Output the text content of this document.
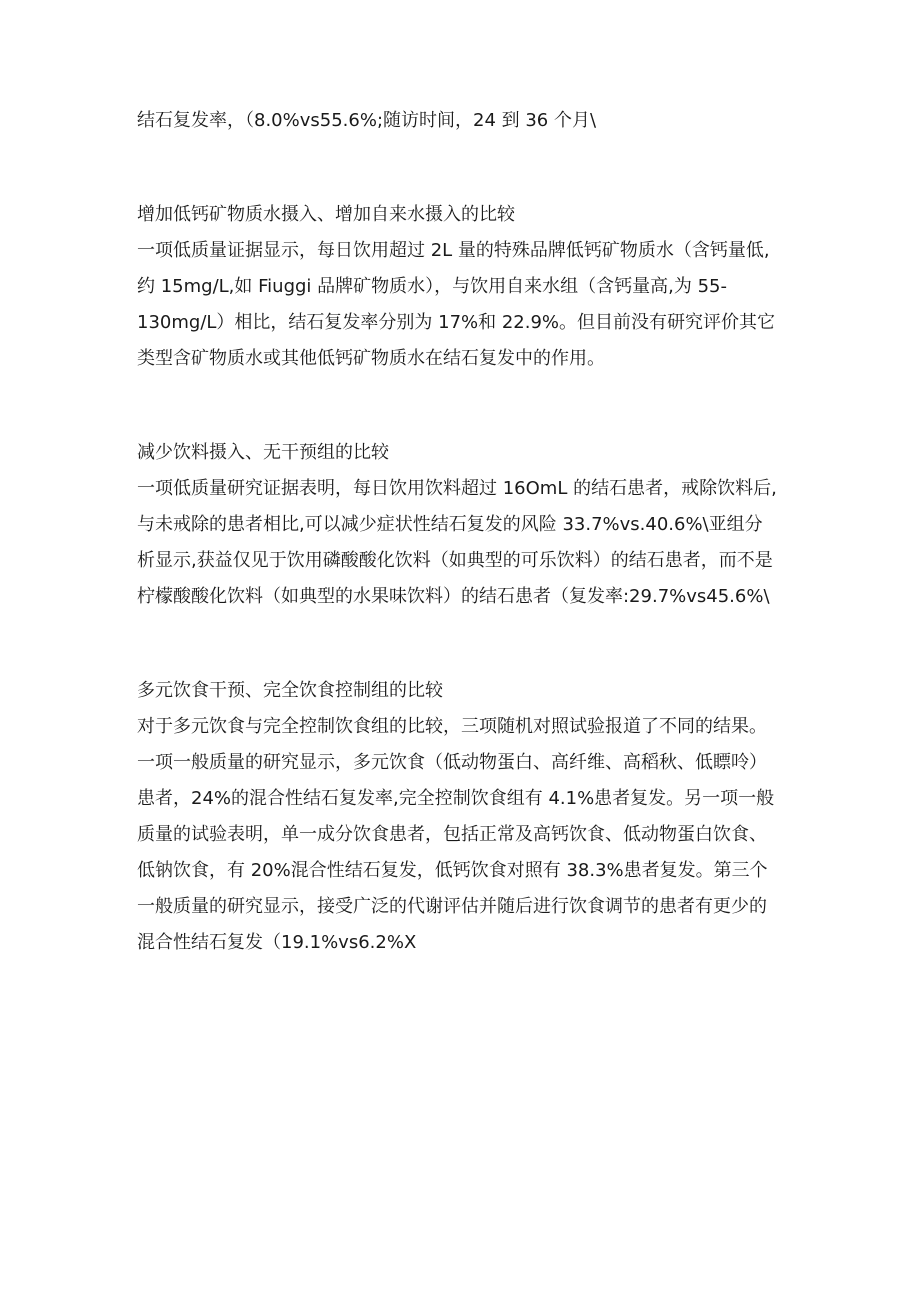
结石复发率，（8.0%vs55.6%;随访时间，24 到 36 个月\
增加低钙矿物质水摄入、增加自来水摄入的比较
一项低质量证据显示，每日饮用超过 2L 量的特殊品牌低钙矿物质水（含钙量低,
约 15mg/L,如 Fiuggi 品牌矿物质水），与饮用自来水组（含钙量高,为 55-
130mg/L）相比，结石复发率分别为 17%和 22.9%。但目前没有研究评价其它
类型含矿物质水或其他低钙矿物质水在结石复发中的作用。
减少饮料摄入、无干预组的比较
一项低质量研究证据表明，每日饮用饮料超过 16OmL 的结石患者，戒除饮料后,
与未戒除的患者相比,可以减少症状性结石复发的风险 33.7%vs.40.6%\亚组分
析显示,获益仅见于饮用磷酸酸化饮料（如典型的可乐饮料）的结石患者，而不是
柠檬酸酸化饮料（如典型的水果味饮料）的结石患者（复发率:29.7%vs45.6%\
多元饮食干预、完全饮食控制组的比较
对于多元饮食与完全控制饮食组的比较，三项随机对照试验报道了不同的结果。
一项一般质量的研究显示，多元饮食（低动物蛋白、高纤维、高稻秋、低瞟呤）
患者，24%的混合性结石复发率,完全控制饮食组有 4.1%患者复发。另一项一般
质量的试验表明，单一成分饮食患者，包括正常及高钙饮食、低动物蛋白饮食、
低钠饮食，有 20%混合性结石复发，低钙饮食对照有 38.3%患者复发。第三个
一般质量的研究显示，接受广泛的代谢评估并随后进行饮食调节的患者有更少的
混合性结石复发（19.1%vs6.2%X
